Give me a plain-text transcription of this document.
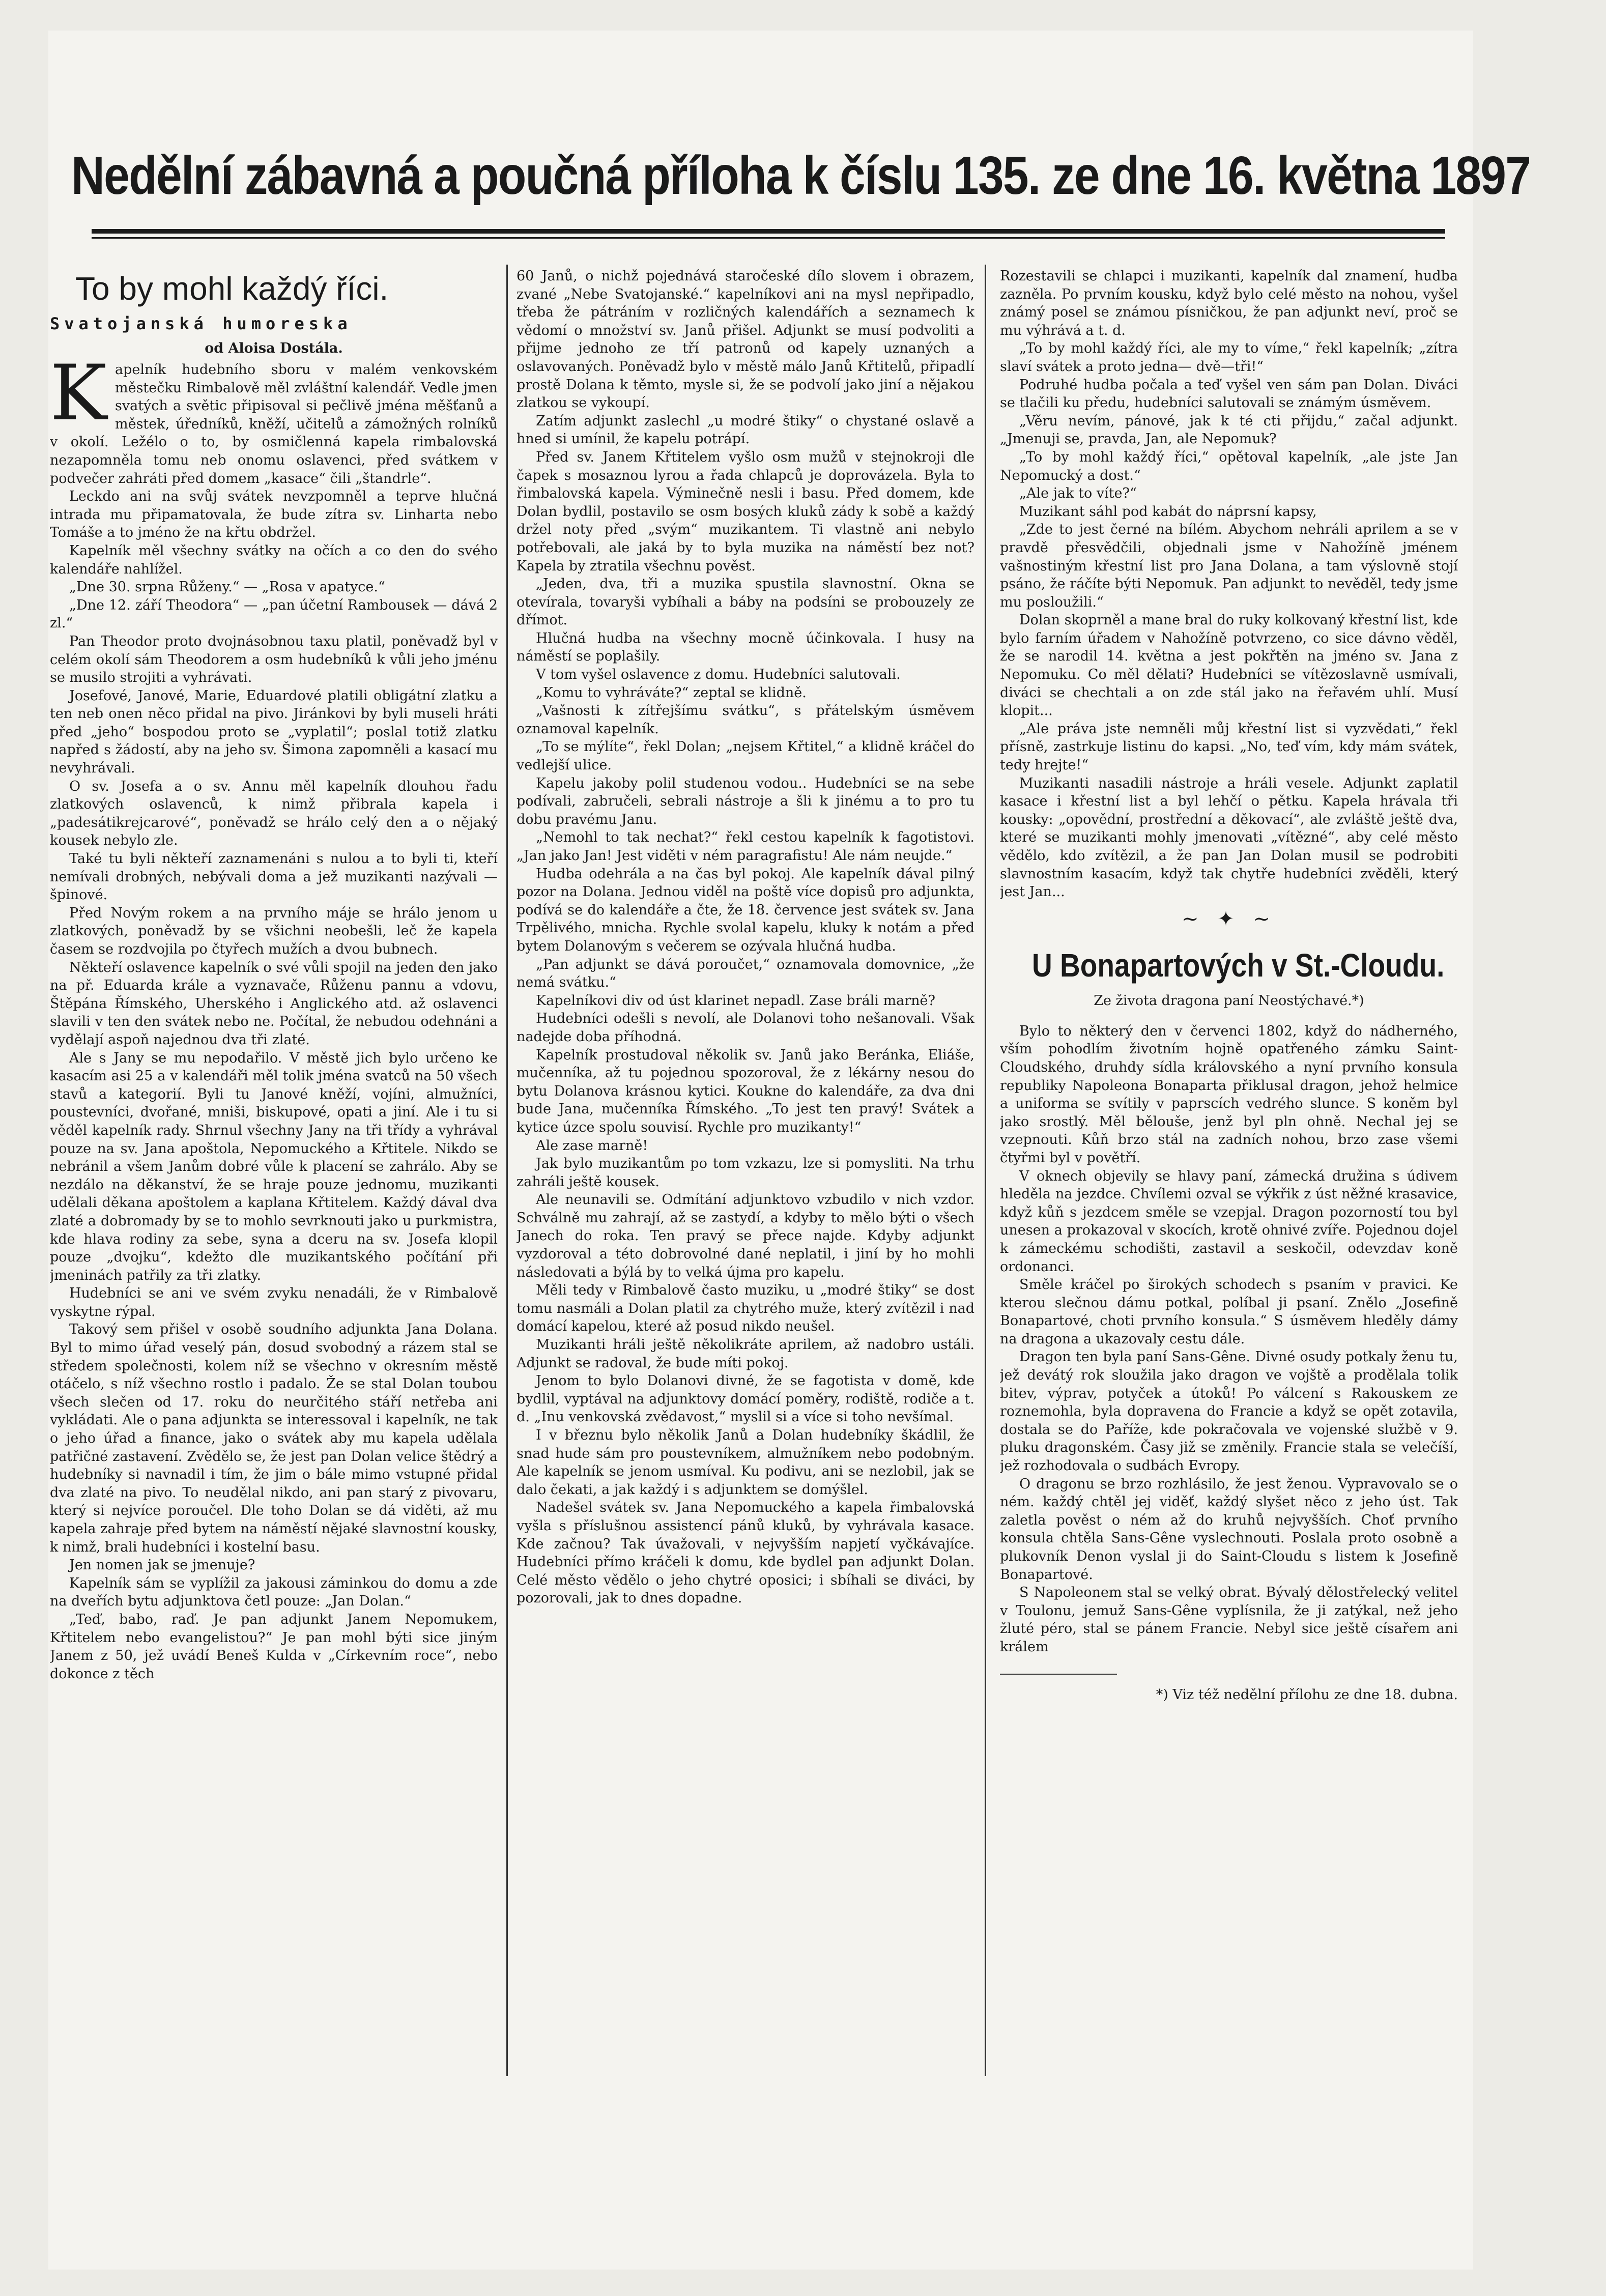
Nedělní zábavná a poučná příloha k číslu 135. ze dne 16. května 1897
To by mohl každý říci.
Svatojanská humoreska
od Aloisa Dostála.
K apelník hudebního sboru v malém venkovském městečku Rimbalově měl zvláštní kalendář. Vedle jmen svatých a světic připisoval si pečlivě jména měšťanů a městek, úředníků, kněží, učitelů a zámožných rolníků v okolí. Ležélo o to, by osmičlenná kapela rimbalovská nezapomněla tomu neb onomu oslavenci, před svátkem v podvečer zahráti před domem „kasace“ čili „štandrle“.

Leckdo ani na svůj svátek nevzpomněl a teprve hlučná intrada mu připamatovala, že bude zítra sv. Linharta nebo Tomáše a to jméno že na křtu obdržel.

Kapelník měl všechny svátky na očích a co den do svého kalendáře nahlížel.

„Dne 30. srpna Růženy.“ — „Rosa v apatyce.“

„Dne 12. září Theodora“ — „pan účetní Rambousek — dává 2 zl.“

Pan Theodor proto dvojnásobnou taxu platil, poněvadž byl v celém okolí sám Theodorem a osm hudebníků k vůli jeho jménu se musilo strojiti a vyhrávati.

Josefové, Janové, Marie, Eduardové platili obligátní zlatku a ten neb onen něco přidal na pivo. Jiránkovi by byli museli hráti před „jeho“ bospodou proto se „vyplatil“; poslal totiž zlatku napřed s žádostí, aby na jeho sv. Šimona zapomněli a kasací mu nevyhrávali.

O sv. Josefa a o sv. Annu měl kapelník dlouhou řadu zlatkových oslavenců, k nimž přibrala kapela i „padesátikrejcarové“, poněvadž se hrálo celý den a o nějaký kousek nebylo zle.

Také tu byli někteří zaznamenáni s nulou a to byli ti, kteří nemívali drobných, nebývali doma a jež muzikanti nazývali — špinové.

Před Novým rokem a na prvního máje se hrálo jenom u zlatkových, poněvadž by se všichni neobešli, leč že kapela časem se rozdvojila po čtyřech mužích a dvou bubnech.

Někteří oslavence kapelník o své vůli spojil na jeden den jako na př. Eduarda krále a vyznavače, Růženu pannu a vdovu, Štěpána Římského, Uherského i Anglického atd. až oslavenci slavili v ten den svátek nebo ne. Počítal, že nebudou odehnáni a vydělají aspoň najednou dva tři zlaté.

Ale s Jany se mu nepodařilo. V městě jich bylo určeno ke kasacím asi 25 a v kalendáři měl tolik jména svatců na 50 všech stavů a kategorií. Byli tu Janové kněží, vojíni, almužníci, poustevníci, dvořané, mniši, biskupové, opati a jiní. Ale i tu si věděl kapelník rady. Shrnul všechny Jany na tři třídy a vyhrával pouze na sv. Jana apoštola, Nepomuckého a Křtitele. Nikdo se nebránil a všem Janům dobré vůle k placení se zahrálo. Aby se nezdálo na děkanství, že se hraje pouze jednomu, muzikanti udělali děkana apoštolem a kaplana Křtitelem. Každý dával dva zlaté a dobromady by se to mohlo sevrknouti jako u purkmistra, kde hlava rodiny za sebe, syna a dceru na sv. Josefa klopil pouze „dvojku“, kdežto dle muzikantského počítání při jmeninách patřily za tři zlatky.

Hudebníci se ani ve svém zvyku nenadáli, že v Rimbalově vyskytne rýpal.

Takový sem přišel v osobě soudního adjunkta Jana Dolana. Byl to mimo úřad veselý pán, dosud svobodný a rázem stal se středem společnosti, kolem níž se všechno v okresním městě otáčelo, s níž všechno rostlo i padalo. Že se stal Dolan toubou všech slečen od 17. roku do neurčitého stáří netřeba ani vykládati. Ale o pana adjunkta se interessoval i kapelník, ne tak o jeho úřad a finance, jako o svátek aby mu kapela udělala patřičné zastavení. Zvědělo se, že jest pan Dolan velice štědrý a hudebníky si navnadil i tím, že jim o bále mimo vstupné přidal dva zlaté na pivo. To neudělal nikdo, ani pan starý z pivovaru, který si nejvíce poroučel. Dle toho Dolan se dá viděti, až mu kapela zahraje před bytem na náměstí nějaké slavnostní kousky, k nimž, brali hudebníci i kostelní basu.

Jen nomen jak se jmenuje?

Kapelník sám se vyplížil za jakousi záminkou do domu a zde na dveřích bytu adjunktova četl pouze: „Jan Dolan.“

„Teď, babo, raď. Je pan adjunkt Janem Nepomukem, Křtitelem nebo evangelistou?“ Je pan mohl býti sice jiným Janem z 50, jež uvádí Beneš Kulda v „Církevním roce“, nebo dokonce z těch

60 Janů, o nichž pojednává staročeské dílo slovem i obrazem, zvané „Nebe Svatojanské.“ kapelníkovi ani na mysl nepřipadlo, třeba že pátráním v rozličných kalendářích a seznamech k vědomí o množství sv. Janů přišel. Adjunkt se musí podvoliti a přijme jednoho ze tří patronů od kapely uznaných a oslavovaných. Poněvadž bylo v městě málo Janů Křtitelů, připadlí prostě Dolana k těmto, mysle si, že se podvolí jako jiní a nějakou zlatkou se vykoupí.

Zatím adjunkt zaslechl „u modré štiky“ o chystané oslavě a hned si umínil, že kapelu potrápí.

Před sv. Janem Křtitelem vyšlo osm mužů v stejnokroji dle čapek s mosaznou lyrou a řada chlapců je doprovázela. Byla to řimbalovská kapela. Výminečně nesli i basu. Před domem, kde Dolan bydlil, postavilo se osm bosých kluků zády k sobě a každý držel noty před „svým“ muzikantem. Ti vlastně ani nebylo potřebovali, ale jaká by to byla muzika na náměstí bez not? Kapela by ztratila všechnu pověst.

„Jeden, dva, tři a muzika spustila slavnostní. Okna se otevírala, tovaryši vybíhali a báby na podsíni se probouzely ze dřímot.

Hlučná hudba na všechny mocně účinkovala. I husy na náměstí se poplašily.

V tom vyšel oslavence z domu. Hudebníci salutovali.

„Komu to vyhráváte?“ zeptal se klidně.

„Vašnosti k zítřejšímu svátku“, s přátelským úsměvem oznamoval kapelník.

„To se mýlíte“, řekl Dolan; „nejsem Křtitel,“ a klidně kráčel do vedlejší ulice.

Kapelu jakoby polil studenou vodou.. Hudebníci se na sebe podívali, zabručeli, sebrali nástroje a šli k jinému a to pro tu dobu pravému Janu.

„Nemohl to tak nechat?“ řekl cestou kapelník k fagotistovi. „Jan jako Jan! Jest viděti v ném paragrafistu! Ale nám neujde.“

Hudba odehrála a na čas byl pokoj. Ale kapelník dával pilný pozor na Dolana. Jednou viděl na poště více dopisů pro adjunkta, podívá se do kalendáře a čte, že 18. července jest svátek sv. Jana Trpělivého, mnicha. Rychle svolal kapelu, kluky k notám a před bytem Dolanovým s večerem se ozývala hlučná hudba.

„Pan adjunkt se dává poroučet,“ oznamovala domovnice, „že nemá svátku.“

Kapelníkovi div od úst klarinet nepadl. Zase bráli marně?

Hudebníci odešli s nevolí, ale Dolanovi toho nešanovali. Však nadejde doba příhodná.

Kapelník prostudoval několik sv. Janů jako Beránka, Eliáše, mučenníka, až tu pojednou spozoroval, že z lékárny nesou do bytu Dolanova krásnou kytici. Koukne do kalendáře, za dva dni bude Jana, mučenníka Římského. „To jest ten pravý! Svátek a kytice úzce spolu souvisí. Rychle pro muzikanty!“

Ale zase marně!

Jak bylo muzikantům po tom vzkazu, lze si pomysliti. Na trhu zahráli ještě kousek.

Ale neunavili se. Odmítání adjunktovo vzbudilo v nich vzdor. Schválně mu zahrají, až se zastydí, a kdyby to mělo býti o všech Janech do roka. Ten pravý se přece najde. Kdyby adjunkt vyzdoroval a této dobrovolné dané neplatil, i jiní by ho mohli následovati a býlá by to velká újma pro kapelu.

Měli tedy v Rimbalově často muziku, u „modré štiky“ se dost tomu nasmáli a Dolan platil za chytrého muže, který zvítězil i nad domácí kapelou, které až posud nikdo neušel.

Muzikanti hráli ještě několikráte aprilem, až nadobro ustáli. Adjunkt se radoval, že bude míti pokoj.

Jenom to bylo Dolanovi divné, že se fagotista v domě, kde bydlil, vyptával na adjunktovy domácí poměry, rodiště, rodiče a t. d. „Inu venkovská zvědavost,“ myslil si a více si toho nevšímal.

I v březnu bylo několik Janů a Dolan hudebníky škádlil, že snad hude sám pro poustevníkem, almužníkem nebo podobným. Ale kapelník se jenom usmíval. Ku podivu, ani se nezlobil, jak se dalo čekati, a jak každý i s adjunktem se domýšlel.

Nadešel svátek sv. Jana Nepomuckého a kapela řimbalovská vyšla s příslušnou assistencí pánů kluků, by vyhrávala kasace. Kde začnou? Tak úvažovali, v nejvyšším napjetí vyčkávajíce. Hudebníci přímo kráčeli k domu, kde bydlel pan adjunkt Dolan. Celé město vědělo o jeho chytré oposici; i sbíhali se diváci, by pozorovali, jak to dnes dopadne.

Rozestavili se chlapci i muzikanti, kapelník dal znamení, hudba zazněla. Po prvním kousku, když bylo celé město na nohou, vyšel známý posel se známou písničkou, že pan adjunkt neví, proč se mu výhrává a t. d.

„To by mohl každý říci, ale my to víme,“ řekl kapelník; „zítra slaví svátek a proto jedna— dvě—tři!“

Podruhé hudba počala a teď vyšel ven sám pan Dolan. Diváci se tlačili ku předu, hudebníci salutovali se známým úsměvem.

„Věru nevím, pánové, jak k té cti přijdu,“ začal adjunkt. „Jmenuji se, pravda, Jan, ale Nepomuk?

„To by mohl každý říci,“ opětoval kapelník, „ale jste Jan Nepomucký a dost.“

„Ale jak to víte?“

Muzikant sáhl pod kabát do náprsní kapsy,

„Zde to jest černé na bílém. Abychom nehráli aprilem a se v pravdě přesvědčili, objednali jsme v Nahožíně jménem vašnostiným křestní list pro Jana Dolana, a tam výslovně stojí psáno, že ráčíte býti Nepomuk. Pan adjunkt to nevěděl, tedy jsme mu posloužili.“

Dolan skoprněl a mane bral do ruky kolkovaný křestní list, kde bylo farním úřadem v Nahožíně potvrzeno, co sice dávno věděl, že se narodil 14. května a jest pokřtěn na jméno sv. Jana z Nepomuku. Co měl dělati? Hudebníci se vítězoslavně usmívali, diváci se chechtali a on zde stál jako na řeřavém uhlí. Musí klopit...

„Ale práva jste nemněli můj křestní list si vyzvědati,“ řekl přísně, zastrkuje listinu do kapsi. „No, teď vím, kdy mám svátek, tedy hrejte!“

Muzikanti nasadili nástroje a hráli vesele. Adjunkt zaplatil kasace i křestní list a byl lehčí o pětku. Kapela hrávala tři kousky: „opovědní, prostřední a děkovací“, ale zvláště ještě dva, které se muzikanti mohly jmenovati „vítězné“, aby celé město vědělo, kdo zvítězil, a že pan Jan Dolan musil se podrobiti slavnostním kasacím, když tak chytře hudebníci zvěděli, který jest Jan...

~ ✦ ~
U Bonapartových v St.-Cloudu.
Ze života dragona paní Neostýchavé.*)

Bylo to některý den v červenci 1802, když do nádherného, vším pohodlím životním hojně opatřeného zámku Saint-Cloudského, druhdy sídla královského a nyní prvního konsula republiky Napoleona Bonaparta přiklusal dragon, jehož helmice a uniforma se svítily v paprscích vedrého slunce. S koněm byl jako srostlý. Měl bělouše, jenž byl pln ohně. Nechal jej se vzepnouti. Kůň brzo stál na zadních nohou, brzo zase všemi čtyřmi byl v povětří.

V oknech objevily se hlavy paní, zámecká družina s údivem hleděla na jezdce. Chvílemi ozval se výkřik z úst něžné krasavice, když kůň s jezdcem směle se vzepjal. Dragon pozorností tou byl unesen a prokazoval v skocích, krotě ohnivé zvíře. Pojednou dojel k zámeckému schodišti, zastavil a seskočil, odevzdav koně ordonanci.

Směle kráčel po širokých schodech s psaním v pravici. Ke kterou slečnou dámu potkal, políbal ji psaní. Znělo „Josefině Bonapartové, choti prvního konsula.“ S úsměvem hleděly dámy na dragona a ukazovaly cestu dále.

Dragon ten byla paní Sans-Gêne. Divné osudy potkaly ženu tu, jež devátý rok sloužila jako dragon ve vojště a prodělala tolik bitev, výprav, potyček a útoků! Po válcení s Rakouskem ze roznemohla, byla dopravena do Francie a když se opět zotavila, dostala se do Paříže, kde pokračovala ve vojenské službě v 9. pluku dragonském. Časy již se změnily. Francie stala se velečíší, jež rozhodovala o sudbách Evropy.

O dragonu se brzo rozhlásilo, že jest ženou. Vypravovalo se o ném. každý chtěl jej viděť, každý slyšet něco z jeho úst. Tak zaletla pověst o ném až do kruhů nejvyšších. Choť prvního konsula chtěla Sans-Gêne vyslechnouti. Poslala proto osobně a plukovník Denon vyslal ji do Saint-Cloudu s listem k Josefině Bonapartové.

S Napoleonem stal se velký obrat. Bývalý dělostřelecký velitel v Toulonu, jemuž Sans-Gêne vyplísnila, že ji zatýkal, než jeho žluté péro, stal se pánem Francie. Nebyl sice ještě císařem ani králem

*) Viz též nedělní přílohu ze dne 18. dubna.
